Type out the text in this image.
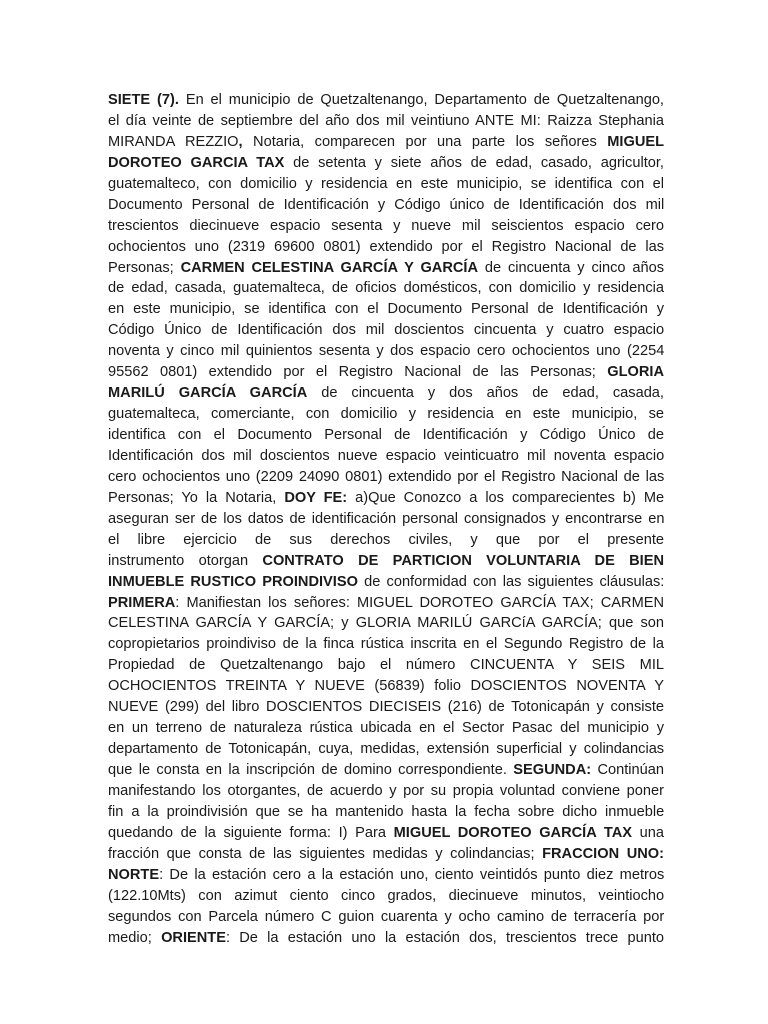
SIETE (7). En el municipio de Quetzaltenango, Departamento de Quetzaltenango,
el día veinte de septiembre del año dos mil veintiuno ANTE MI: Raizza Stephania
MIRANDA REZZIO, Notaria, comparecen por una parte los señores MIGUEL
DOROTEO GARCIA TAX de setenta y siete años de edad, casado, agricultor,
guatemalteco, con domicilio y residencia en este municipio, se identifica con el
Documento Personal de Identificación y Código único de Identificación dos mil
trescientos diecinueve espacio sesenta y nueve mil seiscientos espacio cero
ochocientos uno (2319 69600 0801) extendido por el Registro Nacional de las
Personas; CARMEN CELESTINA GARCÍA Y GARCÍA de cincuenta y cinco años
de edad, casada, guatemalteca, de oficios domésticos, con domicilio y residencia
en este municipio, se identifica con el Documento Personal de Identificación y
Código Único de Identificación dos mil doscientos cincuenta y cuatro espacio
noventa y cinco mil quinientos sesenta y dos espacio cero ochocientos uno (2254
95562 0801) extendido por el Registro Nacional de las Personas; GLORIA
MARILÚ GARCÍA GARCÍA de cincuenta y dos años de edad, casada,
guatemalteca, comerciante, con domicilio y residencia en este municipio, se
identifica con el Documento Personal de Identificación y Código Único de
Identificación dos mil doscientos nueve espacio veinticuatro mil noventa espacio
cero ochocientos uno (2209 24090 0801) extendido por el Registro Nacional de las
Personas; Yo la Notaria, DOY FE: a)Que Conozco a los comparecientes b) Me
aseguran ser de los datos de identificación personal consignados y encontrarse en
el libre ejercicio de sus derechos civiles, y que por el presente
instrumento otorgan CONTRATO DE PARTICION VOLUNTARIA DE BIEN
INMUEBLE RUSTICO PROINDIVISO de conformidad con las siguientes cláusulas:
PRIMERA: Manifiestan los señores: MIGUEL DOROTEO GARCÍA TAX; CARMEN
CELESTINA GARCÍA Y GARCÍA; y GLORIA MARILÚ GARCíA GARCÍA; que son
copropietarios proindiviso de la finca rústica inscrita en el Segundo Registro de la
Propiedad de Quetzaltenango bajo el número CINCUENTA Y SEIS MIL
OCHOCIENTOS TREINTA Y NUEVE (56839) folio DOSCIENTOS NOVENTA Y
NUEVE (299) del libro DOSCIENTOS DIECISEIS (216) de Totonicapán y consiste
en un terreno de naturaleza rústica ubicada en el Sector Pasac del municipio y
departamento de Totonicapán, cuya, medidas, extensión superficial y colindancias
que le consta en la inscripción de domino correspondiente. SEGUNDA: Continúan
manifestando los otorgantes, de acuerdo y por su propia voluntad conviene poner
fin a la proindivisión que se ha mantenido hasta la fecha sobre dicho inmueble
quedando de la siguiente forma: I) Para MIGUEL DOROTEO GARCÍA TAX una
fracción que consta de las siguientes medidas y colindancias; FRACCION UNO:
NORTE: De la estación cero a la estación uno, ciento veintidós punto diez metros
(122.10Mts) con azimut ciento cinco grados, diecinueve minutos, veintiocho
segundos con Parcela número C guion cuarenta y ocho camino de terracería por
medio; ORIENTE: De la estación uno la estación dos, trescientos trece punto
